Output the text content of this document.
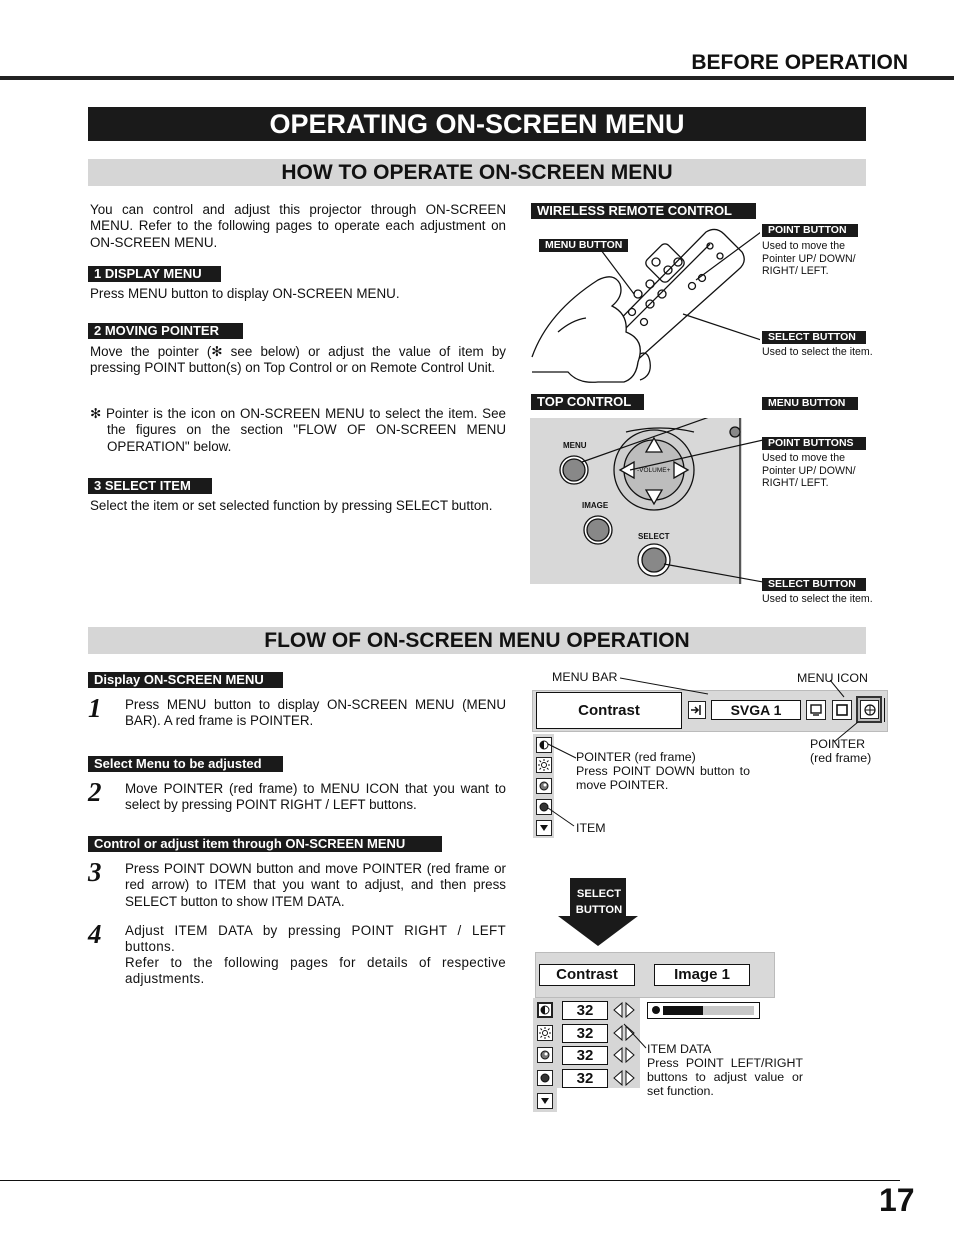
BEFORE OPERATION
OPERATING ON-SCREEN MENU
HOW TO OPERATE ON-SCREEN MENU
You can control and adjust this projector through ON-SCREEN MENU. Refer to the following pages to operate each adjustment on ON-SCREEN MENU.
1 DISPLAY MENU
Press MENU button to display ON-SCREEN MENU.
2 MOVING POINTER
Move the pointer (✻ see below) or adjust the value of item by pressing POINT button(s) on Top Control or on Remote Control Unit.
✻ Pointer is the icon on ON-SCREEN MENU to select the item. See the figures on the section "FLOW OF ON-SCREEN MENU OPERATION" below.
3 SELECT ITEM
Select the item or set selected function by pressing SELECT button.
WIRELESS REMOTE CONTROL
MENU BUTTON
POINT BUTTON
Used to move the Pointer UP/ DOWN/ RIGHT/ LEFT.
SELECT BUTTON
Used to select the item.
TOP CONTROL	MENU BUTTON
POINT BUTTONS
Used to move the Pointer UP/ DOWN/ RIGHT/ LEFT.
SELECT BUTTON
Used to select the item.
MENU
-VOLUME+
IMAGE
SELECT
FLOW OF ON-SCREEN MENU OPERATION
Display ON-SCREEN MENU
1 Press MENU button to display ON-SCREEN MENU (MENU BAR). A red frame is POINTER.
Select Menu to be adjusted
2 Move POINTER (red frame) to MENU ICON that you want to select by pressing POINT RIGHT / LEFT buttons.
Control or adjust item through ON-SCREEN MENU
3 Press POINT DOWN button and move POINTER (red frame or red arrow) to ITEM that you want to adjust, and then press SELECT button to show ITEM DATA.
4 Adjust ITEM DATA by pressing POINT RIGHT / LEFT buttons.
Refer to the following pages for details of respective adjustments.
MENU BAR	MENU ICON
Contrast	SVGA 1
POINTER
(red frame)
POINTER (red frame)
Press POINT DOWN button to move POINTER.
ITEM
SELECT BUTTON
Contrast	Image 1
32
32
32
32
ITEM DATA
Press POINT LEFT/RIGHT buttons to adjust value or set function.
17
